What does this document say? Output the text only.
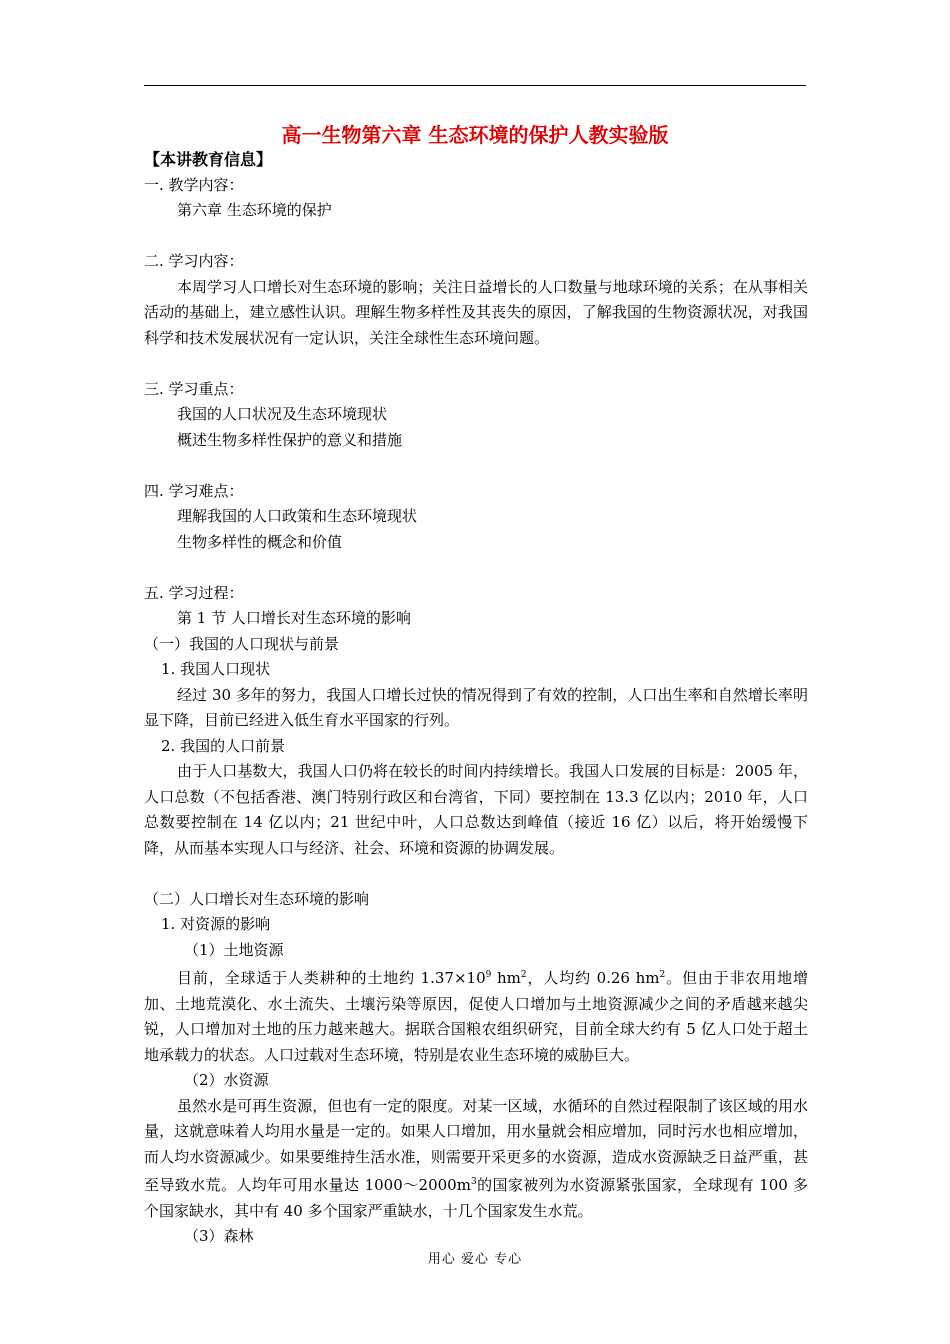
高一生物第六章 生态环境的保护人教实验版

【本讲教育信息】

一. 教学内容：

第六章 生态环境的保护

二. 学习内容：

本周学习人口增长对生态环境的影响；关注日益增长的人口数量与地球环境的关系；在从事相关活动的基础上，建立感性认识。理解生物多样性及其丧失的原因，了解我国的生物资源状况，对我国科学和技术发展状况有一定认识，关注全球性生态环境问题。

三. 学习重点：

我国的人口状况及生态环境现状

概述生物多样性保护的意义和措施

四. 学习难点：

理解我国的人口政策和生态环境现状

生物多样性的概念和价值

五. 学习过程：

第 1 节 人口增长对生态环境的影响

（一）我国的人口现状与前景

1. 我国人口现状

经过 30 多年的努力，我国人口增长过快的情况得到了有效的控制，人口出生率和自然增长率明显下降，目前已经进入低生育水平国家的行列。

2. 我国的人口前景

由于人口基数大，我国人口仍将在较长的时间内持续增长。我国人口发展的目标是：2005 年，人口总数（不包括香港、澳门特别行政区和台湾省，下同）要控制在 13.3 亿以内；2010 年，人口总数要控制在 14 亿以内；21 世纪中叶，人口总数达到峰值（接近 16 亿）以后，将开始缓慢下降，从而基本实现人口与经济、社会、环境和资源的协调发展。

（二）人口增长对生态环境的影响

1. 对资源的影响

（1）土地资源

目前，全球适于人类耕种的土地约 $1.37\times 10^9$ $hm^2$，人均约 0.26 $hm^2$。但由于非农用地增加、土地荒漠化、水土流失、土壤污染等原因，促使人口增加与土地资源减少之间的矛盾越来越尖锐，人口增加对土地的压力越来越大。据联合国粮农组织研究，目前全球大约有 5 亿人口处于超土地承载力的状态。人口过载对生态环境，特别是农业生态环境的威胁巨大。

（2）水资源

虽然水是可再生资源，但也有一定的限度。对某一区域，水循环的自然过程限制了该区域的用水量，这就意味着人均用水量是一定的。如果人口增加，用水量就会相应增加，同时污水也相应增加，而人均水资源减少。如果要维持生活水准，则需要开采更多的水资源，造成水资源缺乏日益严重，甚至导致水荒。人均年可用水量达 $1000\sim 2000m^3$的国家被列为水资源紧张国家，全球现有 100 多个国家缺水，其中有 40 多个国家严重缺水，十几个国家发生水荒。

（3）森林

用心 爱心 专心
